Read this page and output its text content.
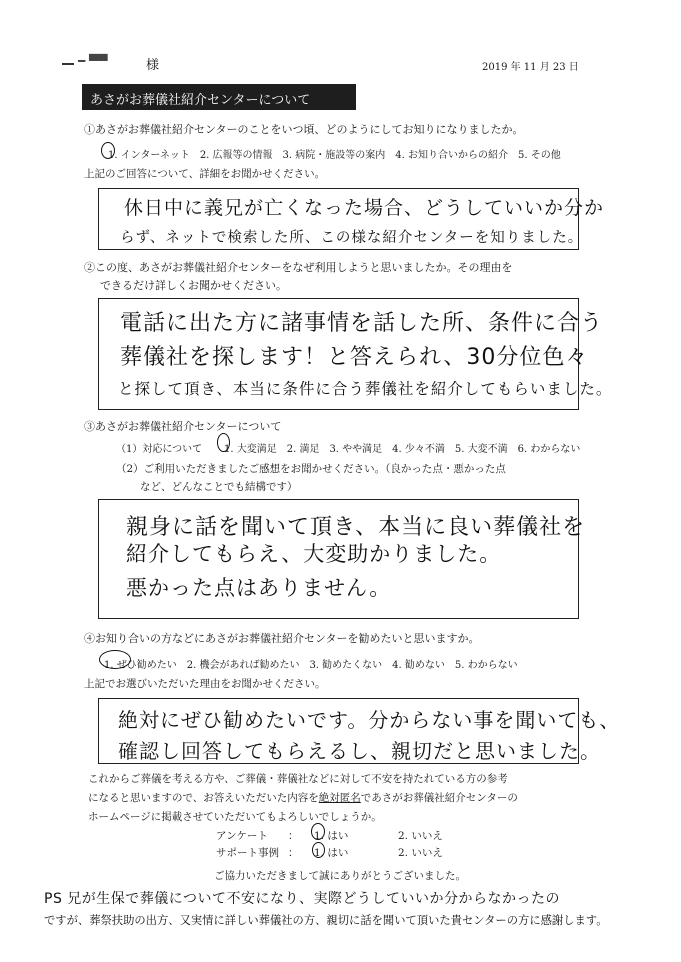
━ ▀▀	様	2019 年 11 月 23 日
あさがお葬儀社紹介センターについて
①あさがお葬儀社紹介センターのことをいつ頃、どのようにしてお知りになりましたか。
1. インターネット　2. 広報等の情報　3. 病院・施設等の案内　4. お知り合いからの紹介　5. その他
上記のご回答について、詳細をお聞かせください。
休日中に義兄が亡くなった場合、どうしていいか分か
らず、ネットで検索した所、この様な紹介センターを知りました。
②この度、あさがお葬儀社紹介センターをなぜ利用しようと思いましたか。その理由を
できるだけ詳しくお聞かせください。
電話に出た方に諸事情を話した所、条件に合う
葬儀社を探します！と答えられ、30分位色々
と探して頂き、本当に条件に合う葬儀社を紹介してもらいました。
③あさがお葬儀社紹介センターについて
（1）対応について 1. 大変満足　2. 満足　3. やや満足　4. 少々不満　5. 大変不満　6. わからない
（2）ご利用いただきましたご感想をお聞かせください。（良かった点・悪かった点
など、どんなことでも結構です）
親身に話を聞いて頂き、本当に良い葬儀社を
紹介してもらえ、大変助かりました。
悪かった点はありません。
④お知り合いの方などにあさがお葬儀社紹介センターを勧めたいと思いますか。
1. ぜひ勧めたい　2. 機会があれば勧めたい　3. 勧めたくない　4. 勧めない　5. わからない
上記でお選びいただいた理由をお聞かせください。
絶対にぜひ勧めたいです。分からない事を聞いても、
確認し回答してもらえるし、親切だと思いました。
これからご葬儀を考える方や、ご葬儀・葬儀社などに対して不安を持たれている方の参考
になると思いますので、お答えいただいた内容を絶対匿名であさがお葬儀社紹介センターの
ホームページに掲載させていただいてもよろしいでしょうか。
アンケート ： 1. はい	2. いいえ
サポート事例 ： 1. はい	2. いいえ
ご協力いただきまして誠にありがとうございました。
PS 兄が生保で葬儀について不安になり、実際どうしていいか分からなかったの
ですが、葬祭扶助の出方、又実情に詳しい葬儀社の方、親切に話を聞いて頂いた貴センターの方に感謝します。
